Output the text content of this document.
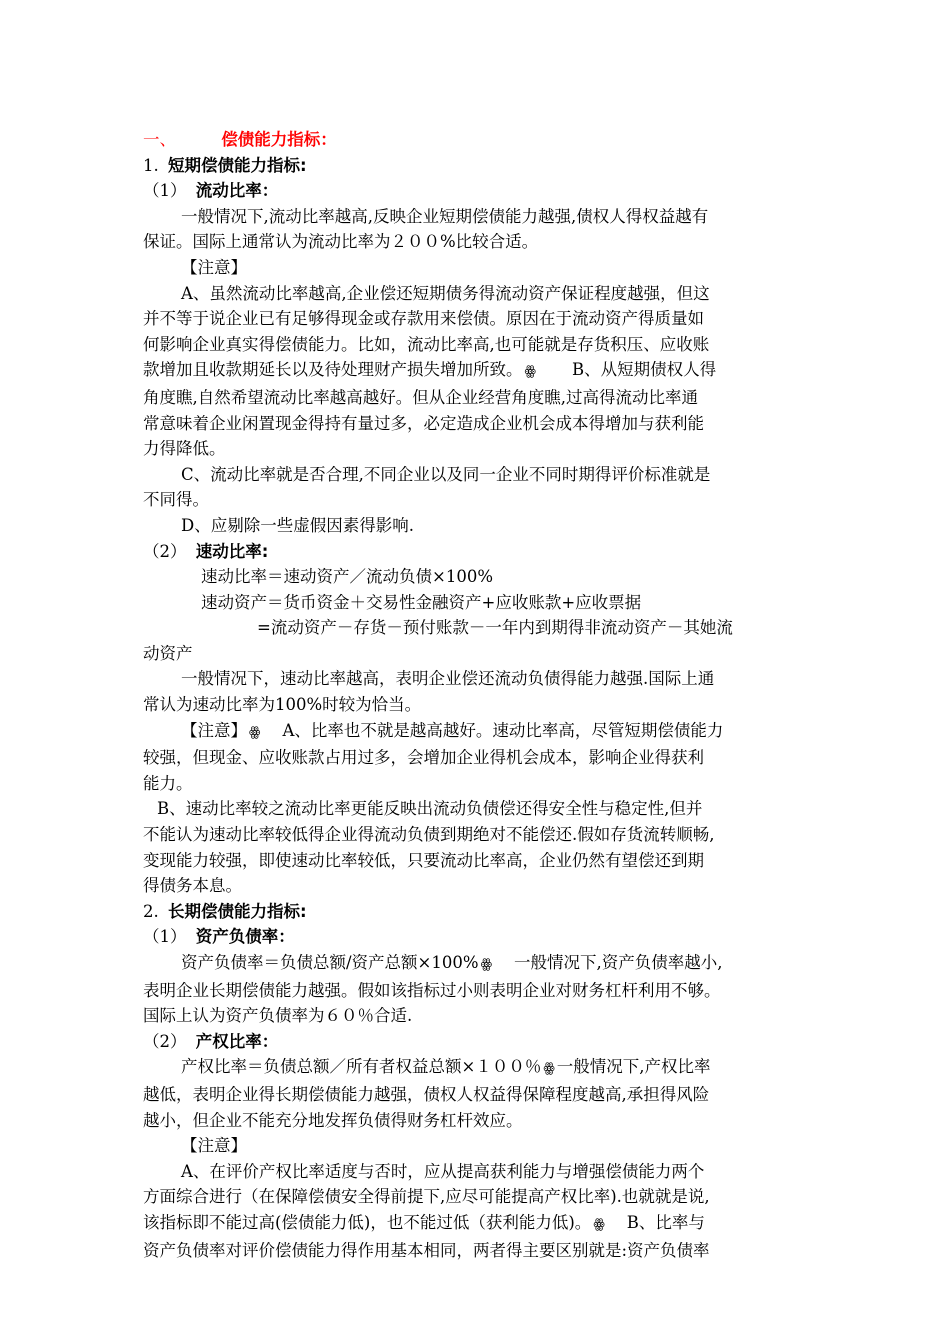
一、	偿债能力指标：
1. 短期偿债能力指标:
（1） 流动比率：
一般情况下,流动比率越高,反映企业短期偿债能力越强,债权人得权益越有
保证。国际上通常认为流动比率为２００%比较合适。
【注意】
A、虽然流动比率越高,企业偿还短期债务得流动资产保证程度越强，但这
并不等于说企业已有足够得现金或存款用来偿债。原因在于流动资产得质量如
何影响企业真实得偿债能力。比如，流动比率高,也可能就是存货积压、应收账
款增加且收款期延长以及待处理财产损失增加所致。 ꙮ B、从短期债权人得
角度瞧,自然希望流动比率越高越好。但从企业经营角度瞧,过高得流动比率通
常意味着企业闲置现金得持有量过多，必定造成企业机会成本得增加与获利能
力得降低。
C、流动比率就是否合理,不同企业以及同一企业不同时期得评价标准就是
不同得。
D、应剔除一些虚假因素得影响.
（2） 速动比率:
速动比率＝速动资产／流动负债×100%
速动资产＝货币资金＋交易性金融资产+应收账款+应收票据
=流动资产－存货－预付账款－一年内到期得非流动资产－其她流
动资产
一般情况下，速动比率越高，表明企业偿还流动负债得能力越强.国际上通
常认为速动比率为100%时较为恰当。
【注意】 ꙮ A、比率也不就是越高越好。速动比率高，尽管短期偿债能力
较强，但现金、应收账款占用过多，会增加企业得机会成本，影响企业得获利
能力。
B、速动比率较之流动比率更能反映出流动负债偿还得安全性与稳定性,但并
不能认为速动比率较低得企业得流动负债到期绝对不能偿还.假如存货流转顺畅,
变现能力较强，即使速动比率较低，只要流动比率高，企业仍然有望偿还到期
得债务本息。
2. 长期偿债能力指标:
（1） 资产负债率：
资产负债率＝负债总额/资产总额×100% ꙮ 一般情况下,资产负债率越小,
表明企业长期偿债能力越强。假如该指标过小则表明企业对财务杠杆利用不够。
国际上认为资产负债率为６０％合适.
（2） 产权比率：
产权比率＝负债总额／所有者权益总额×１００％ ꙮ 一般情况下,产权比率
越低，表明企业得长期偿债能力越强，债权人权益得保障程度越高,承担得风险
越小，但企业不能充分地发挥负债得财务杠杆效应。
【注意】
A、在评价产权比率适度与否时，应从提高获利能力与增强偿债能力两个
方面综合进行（在保障偿债安全得前提下,应尽可能提高产权比率).也就就是说,
该指标即不能过高(偿债能力低)，也不能过低（获利能力低)。 ꙮ B、比率与
资产负债率对评价偿债能力得作用基本相同，两者得主要区别就是:资产负债率
